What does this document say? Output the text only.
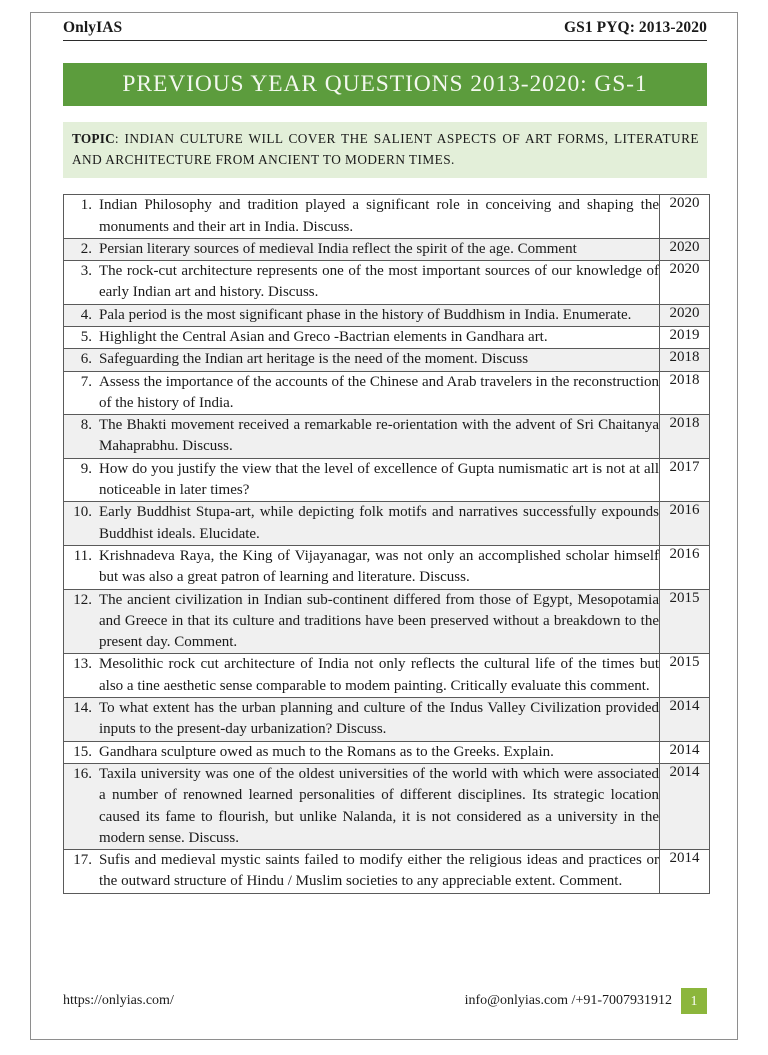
OnlyIAS	GS1 PYQ: 2013-2020
PREVIOUS YEAR QUESTIONS 2013-2020: GS-1
TOPIC: INDIAN CULTURE WILL COVER THE SALIENT ASPECTS OF ART FORMS, LITERATURE AND ARCHITECTURE FROM ANCIENT TO MODERN TIMES.
1. Indian Philosophy and tradition played a significant role in conceiving and shaping the monuments and their art in India. Discuss.	2020

2. Persian literary sources of medieval India reflect the spirit of the age. Comment	2020

3. The rock-cut architecture represents one of the most important sources of our knowledge of early Indian art and history. Discuss.	2020

4. Pala period is the most significant phase in the history of Buddhism in India. Enumerate.	2020

5. Highlight the Central Asian and Greco -Bactrian elements in Gandhara art.	2019

6. Safeguarding the Indian art heritage is the need of the moment. Discuss	2018

7. Assess the importance of the accounts of the Chinese and Arab travelers in the reconstruction of the history of India.	2018

8. The Bhakti movement received a remarkable re-orientation with the advent of Sri Chaitanya Mahaprabhu. Discuss.	2018

9. How do you justify the view that the level of excellence of Gupta numismatic art is not at all noticeable in later times?	2017

10. Early Buddhist Stupa-art, while depicting folk motifs and narratives successfully expounds Buddhist ideals. Elucidate.	2016

11. Krishnadeva Raya, the King of Vijayanagar, was not only an accomplished scholar himself but was also a great patron of learning and literature. Discuss.	2016

12. The ancient civilization in Indian sub-continent differed from those of Egypt, Mesopotamia and Greece in that its culture and traditions have been preserved without a breakdown to the present day. Comment.	2015

13. Mesolithic rock cut architecture of India not only reflects the cultural life of the times but also a tine aesthetic sense comparable to modem painting. Critically evaluate this comment.	2015

14. To what extent has the urban planning and culture of the Indus Valley Civilization provided inputs to the present-day urbanization? Discuss.	2014

15. Gandhara sculpture owed as much to the Romans as to the Greeks. Explain.	2014

16. Taxila university was one of the oldest universities of the world with which were associated a number of renowned learned personalities of different disciplines. Its strategic location caused its fame to flourish, but unlike Nalanda, it is not considered as a university in the modern sense. Discuss.	2014

17. Sufis and medieval mystic saints failed to modify either the religious ideas and practices or the outward structure of Hindu / Muslim societies to any appreciable extent. Comment.	2014
https://onlyias.com/	info@onlyias.com /+91-7007931912	1
